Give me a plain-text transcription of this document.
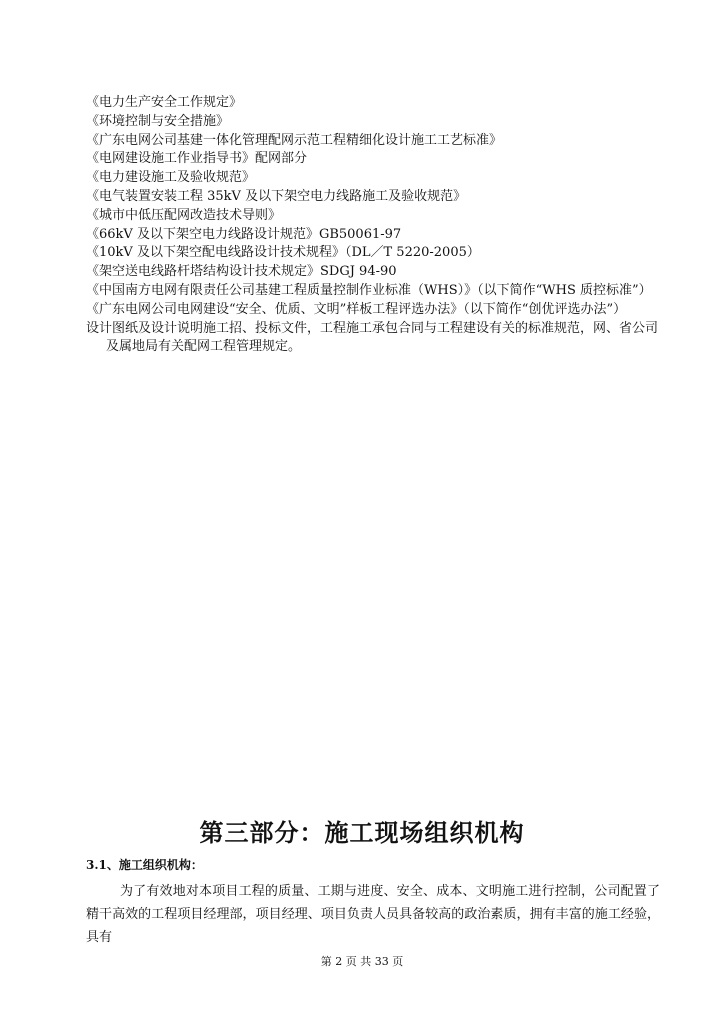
《电力生产安全工作规定》
《环境控制与安全措施》
《广东电网公司基建一体化管理配网示范工程精细化设计施工工艺标准》
《电网建设施工作业指导书》配网部分
《电力建设施工及验收规范》
《电气装置安装工程 35kV 及以下架空电力线路施工及验收规范》
《城市中低压配网改造技术导则》
《66kV 及以下架空电力线路设计规范》GB50061-97
《10kV 及以下架空配电线路设计技术规程》（DL／T 5220-2005）
《架空送电线路杆塔结构设计技术规定》SDGJ 94-90
《中国南方电网有限责任公司基建工程质量控制作业标准（WHS）》（以下简作“WHS 质控标准”）
《广东电网公司电网建设“安全、优质、文明”样板工程评选办法》（以下简作“创优评选办法”）
设计图纸及设计说明施工招、投标文件，工程施工承包合同与工程建设有关的标准规范，网、省公司及属地局有关配网工程管理规定。
第三部分：施工现场组织机构
3.1、施工组织机构：
为了有效地对本项目工程的质量、工期与进度、安全、成本、文明施工进行控制，公司配置了精干高效的工程项目经理部，项目经理、项目负责人员具备较高的政治素质，拥有丰富的施工经验，具有
第 2 页 共 33 页
